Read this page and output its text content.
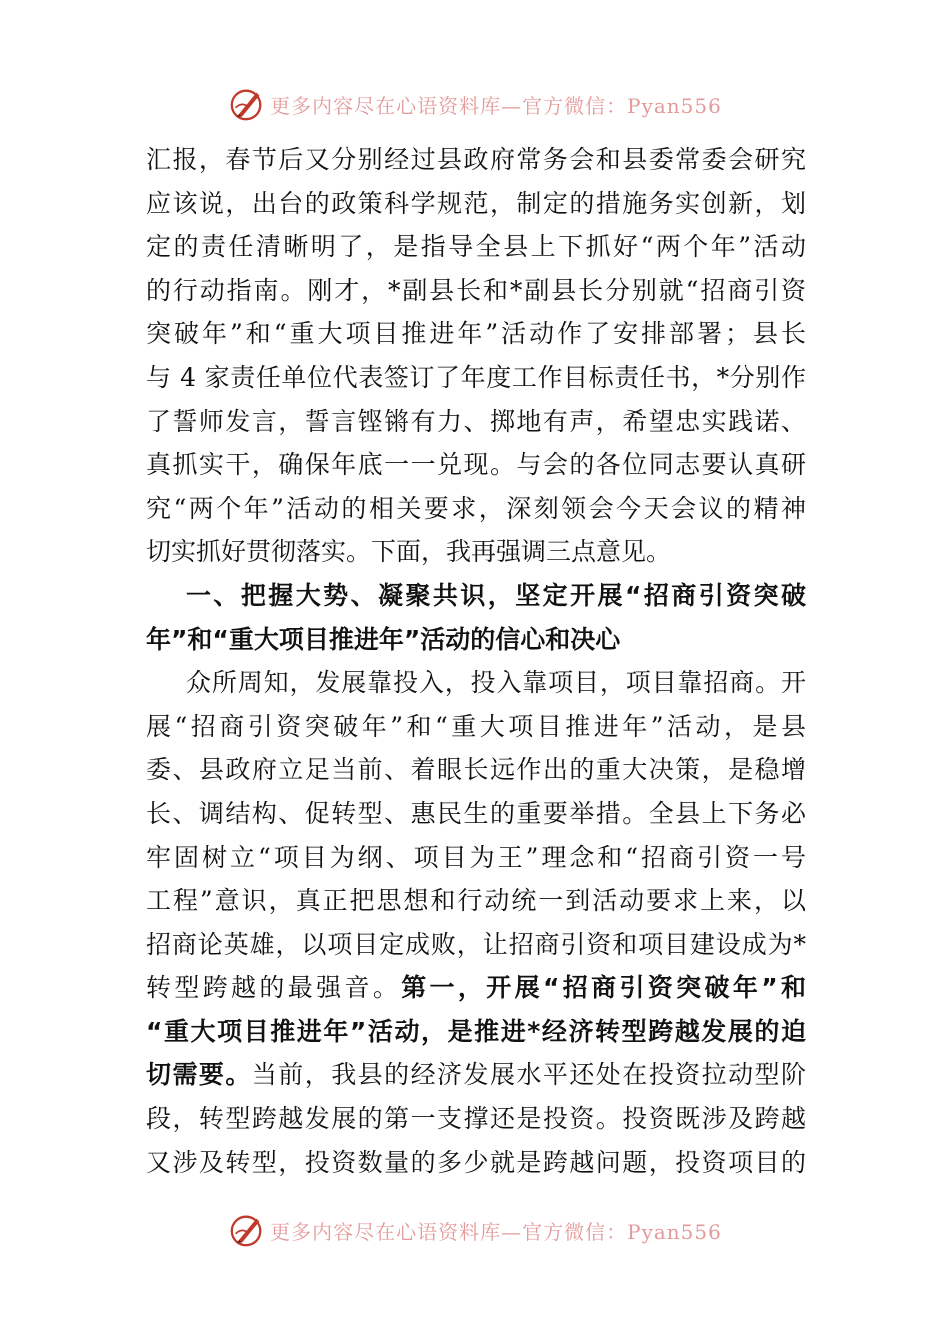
更多内容尽在心语资料库—官方微信：Pyan556
汇报，春节后又分别经过县政府常务会和县委常委会研究
应该说，出台的政策科学规范，制定的措施务实创新，划
定的责任清晰明了，是指导全县上下抓好“两个年”活动
的行动指南。刚才，*副县长和*副县长分别就“招商引资
突破年”和“重大项目推进年”活动作了安排部署；县长
与 4 家责任单位代表签订了年度工作目标责任书，*分别作
了誓师发言，誓言铿锵有力、掷地有声，希望忠实践诺、
真抓实干，确保年底一一兑现。与会的各位同志要认真研
究“两个年”活动的相关要求，深刻领会今天会议的精神
切实抓好贯彻落实。下面，我再强调三点意见。
一、把握大势、凝聚共识，坚定开展“招商引资突破
年”和“重大项目推进年”活动的信心和决心
众所周知，发展靠投入，投入靠项目，项目靠招商。开
展“招商引资突破年”和“重大项目推进年”活动，是县
委、县政府立足当前、着眼长远作出的重大决策，是稳增
长、调结构、促转型、惠民生的重要举措。全县上下务必
牢固树立“项目为纲、项目为王”理念和“招商引资一号
工程”意识，真正把思想和行动统一到活动要求上来，以
招商论英雄，以项目定成败，让招商引资和项目建设成为*
转型跨越的最强音。第一，开展“招商引资突破年”和
“重大项目推进年”活动，是推进*经济转型跨越发展的迫
切需要。当前，我县的经济发展水平还处在投资拉动型阶
段，转型跨越发展的第一支撑还是投资。投资既涉及跨越
又涉及转型，投资数量的多少就是跨越问题，投资项目的
更多内容尽在心语资料库—官方微信：Pyan556
